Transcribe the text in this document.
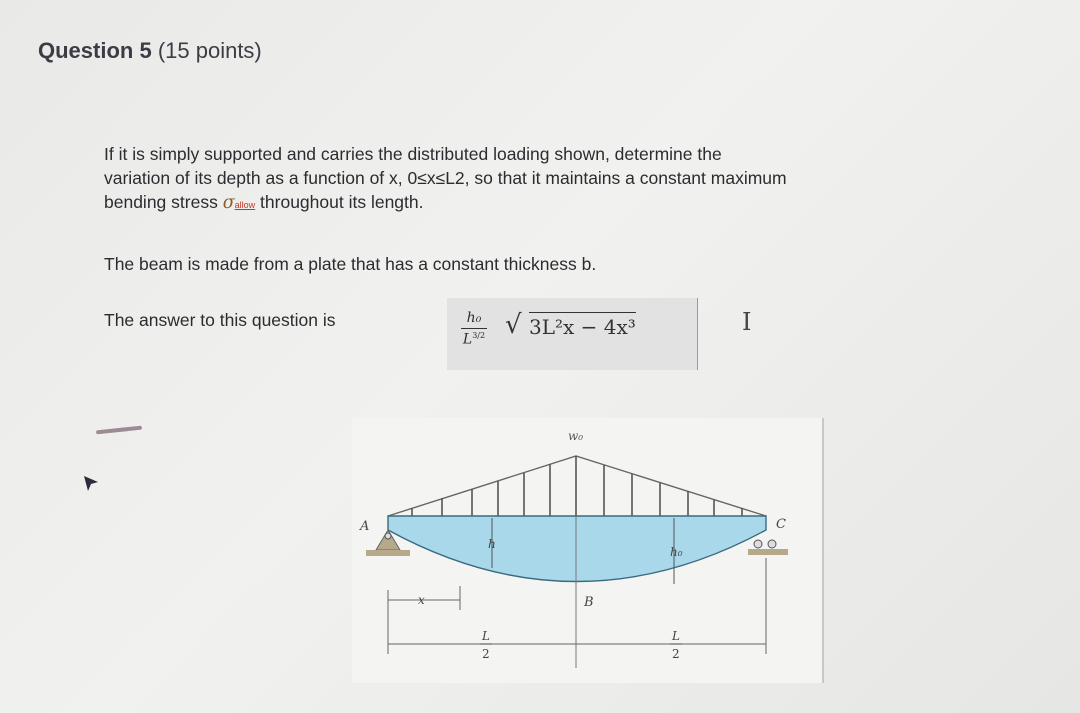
Question 5 (15 points)
If it is simply supported and carries the distributed loading shown, determine the
variation of its depth as a function of x, 0≤x≤L2, so that it maintains a constant maximum
bending stress σallow throughout its length.
The beam is made from a plate that has a constant thickness b.
The answer to this question is	$\frac{\text{h₀}}{L^{3/2}}$ √ 3L²x − 4x³	I
w₀
A	C
B
h
h₀
x
L
2
L
2
